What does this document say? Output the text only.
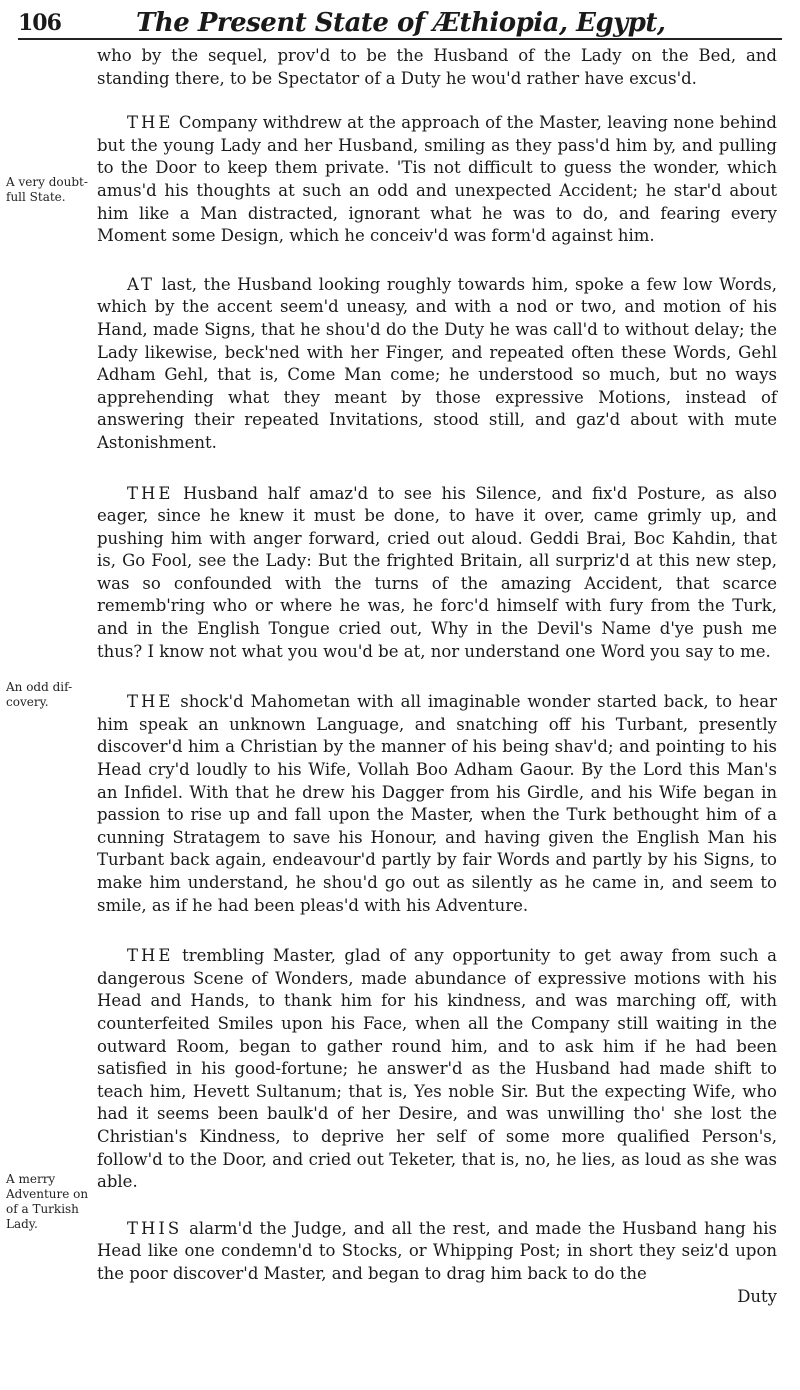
106	The Present State of Æthiopia, Egypt,
A very doubt-full State.
An odd dif-covery.
A merry Adventure on of a Turkish Lady.

who by the sequel, prov'd to be the Husband of the Lady on the Bed, and standing there, to be Spectator of a Duty he wou'd rather have excus'd.

THE Company withdrew at the approach of the Master, leaving none behind but the young Lady and her Husband, smiling as they pass'd him by, and pulling to the Door to keep them private. 'Tis not difficult to guess the wonder, which amus'd his thoughts at such an odd and unexpected Accident; he star'd about him like a Man distracted, ignorant what he was to do, and fearing every Moment some Design, which he conceiv'd was form'd against him.

AT last, the Husband looking roughly towards him, spoke a few low Words, which by the accent seem'd uneasy, and with a nod or two, and motion of his Hand, made Signs, that he shou'd do the Duty he was call'd to without delay; the Lady likewise, beck'ned with her Finger, and repeated often these Words, Gehl Adham Gehl, that is, Come Man come; he understood so much, but no ways apprehending what they meant by those expressive Motions, instead of answering their repeated Invitations, stood still, and gaz'd about with mute Astonishment.

THE Husband half amaz'd to see his Silence, and fix'd Posture, as also eager, since he knew it must be done, to have it over, came grimly up, and pushing him with anger forward, cried out aloud. Geddi Brai, Boc Kahdin, that is, Go Fool, see the Lady: But the frighted Britain, all surpriz'd at this new step, was so confounded with the turns of the amazing Accident, that scarce rememb'ring who or where he was, he forc'd himself with fury from the Turk, and in the English Tongue cried out, Why in the Devil's Name d'ye push me thus? I know not what you wou'd be at, nor understand one Word you say to me.

THE shock'd Mahometan with all imaginable wonder started back, to hear him speak an unknown Language, and snatching off his Turbant, presently discover'd him a Christian by the manner of his being shav'd; and pointing to his Head cry'd loudly to his Wife, Vollah Boo Adham Gaour. By the Lord this Man's an Infidel. With that he drew his Dagger from his Girdle, and his Wife began in passion to rise up and fall upon the Master, when the Turk bethought him of a cunning Stratagem to save his Honour, and having given the English Man his Turbant back again, endeavour'd partly by fair Words and partly by his Signs, to make him understand, he shou'd go out as silently as he came in, and seem to smile, as if he had been pleas'd with his Adventure.

THE trembling Master, glad of any opportunity to get away from such a dangerous Scene of Wonders, made abundance of expressive motions with his Head and Hands, to thank him for his kindness, and was marching off, with counterfeited Smiles upon his Face, when all the Company still waiting in the outward Room, began to gather round him, and to ask him if he had been satisfied in his good-fortune; he answer'd as the Husband had made shift to teach him, Hevett Sultanum; that is, Yes noble Sir. But the expecting Wife, who had it seems been baulk'd of her Desire, and was unwilling tho' she lost the Christian's Kindness, to deprive her self of some more qualified Person's, follow'd to the Door, and cried out Teketer, that is, no, he lies, as loud as she was able.

THIS alarm'd the Judge, and all the rest, and made the Husband hang his Head like one condemn'd to Stocks, or Whipping Post; in short they seiz'd upon the poor discover'd Master, and began to drag him back to do the

Duty
